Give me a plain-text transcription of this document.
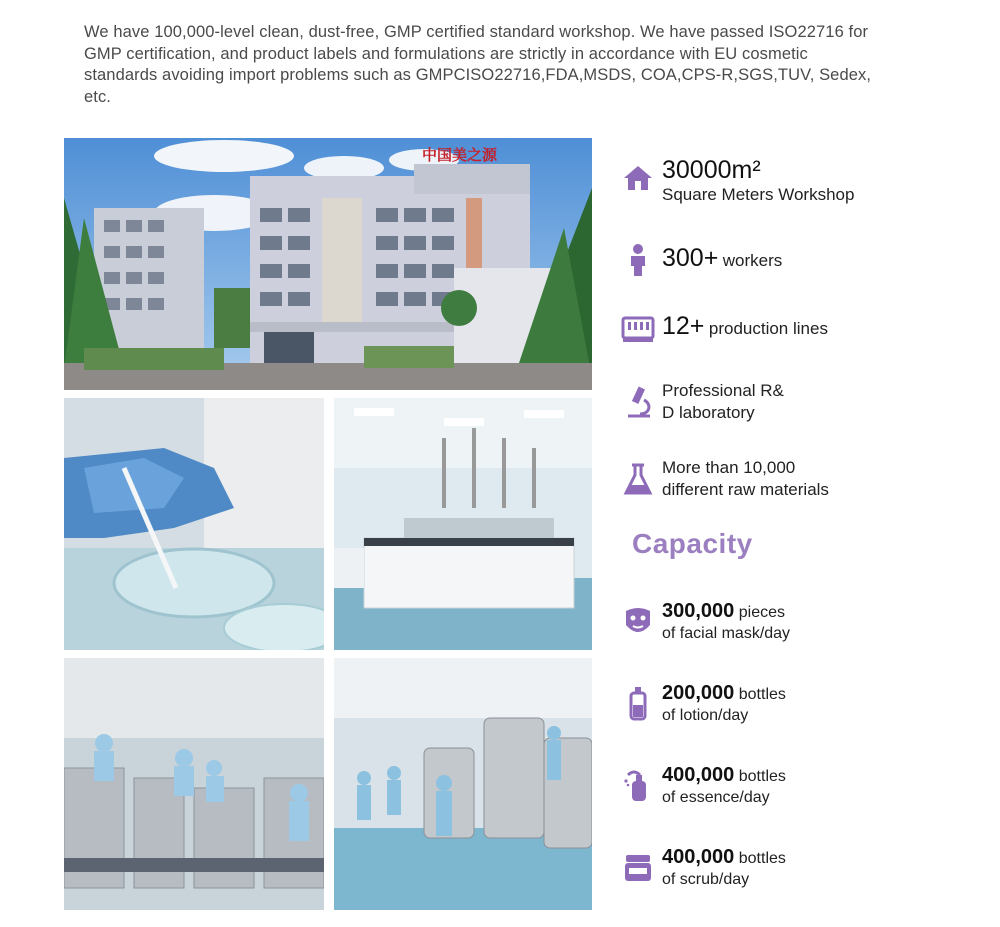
We have 100,000-level clean, dust-free, GMP certified standard workshop. We have passed ISO22716 for GMP certification, and product labels and formulations are strictly in accordance with EU cosmetic standards avoiding import problems such as GMPCISO22716,FDA,MSDS, COA,CPS-R,SGS,TUV, Sedex, etc.
中国美之源
30000m²
Square Meters Workshop
300+ workers
12+ production lines
Professional R&
D laboratory
More than 10,000
different raw materials
Capacity
300,000 pieces
of facial mask/day
200,000 bottles
of lotion/day
400,000 bottles
of essence/day
400,000 bottles
of scrub/day
